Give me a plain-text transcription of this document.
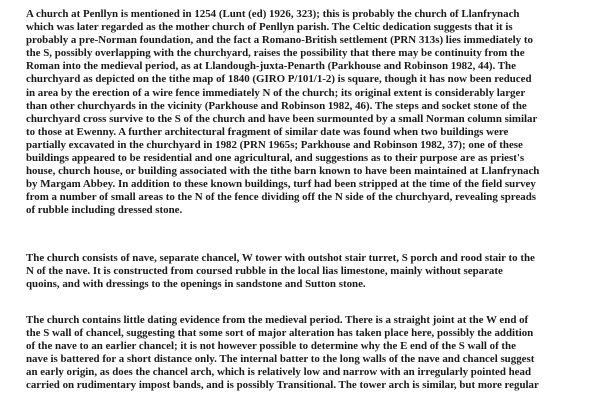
A church at Penllyn is mentioned in 1254 (Lunt (ed) 1926, 323); this is probably the church of Llanfrynach
which was later regarded as the mother church of Penllyn parish. The Celtic dedication suggests that it is
probably a pre-Norman foundation, and the fact a Romano-British settlement (PRN 313s) lies immediately to
the S, possibly overlapping with the churchyard, raises the possibility that there may be continuity from the
Roman into the medieval period, as at Llandough-juxta-Penarth (Parkhouse and Robinson 1982, 44). The
churchyard as depicted on the tithe map of 1840 (GIRO P/101/1-2) is square, though it has now been reduced
in area by the erection of a wire fence immediately N of the church; its original extent is considerably larger
than other churchyards in the vicinity (Parkhouse and Robinson 1982, 46). The steps and socket stone of the
churchyard cross survive to the S of the church and have been surmounted by a small Norman column similar
to those at Ewenny. A further architectural fragment of similar date was found when two buildings were
partially excavated in the churchyard in 1982 (PRN 1965s; Parkhouse and Robinson 1982, 37); one of these
buildings appeared to be residential and one agricultural, and suggestions as to their purpose are as priest's
house, church house, or building associated with the tithe barn known to have been maintained at Llanfrynach
by Margam Abbey. In addition to these known buildings, turf had been stripped at the time of the field survey
from a number of small areas to the N of the fence dividing off the N side of the churchyard, revealing spreads
of rubble including dressed stone.
The church consists of nave, separate chancel, W tower with outshot stair turret, S porch and rood stair to the
N of the nave. It is constructed from coursed rubble in the local lias limestone, mainly without separate
quoins, and with dressings to the openings in sandstone and Sutton stone.
The church contains little dating evidence from the medieval period. There is a straight joint at the W end of
the S wall of chancel, suggesting that some sort of major alteration has taken place here, possibly the addition
of the nave to an earlier chancel; it is not however possible to determine why the E end of the S wall of the
nave is battered for a short distance only. The internal batter to the long walls of the nave and chancel suggest
an early origin, as does the chancel arch, which is relatively low and narrow with an irregularly pointed head
carried on rudimentary impost bands, and is possibly Transitional. The tower arch is similar, but more regular
